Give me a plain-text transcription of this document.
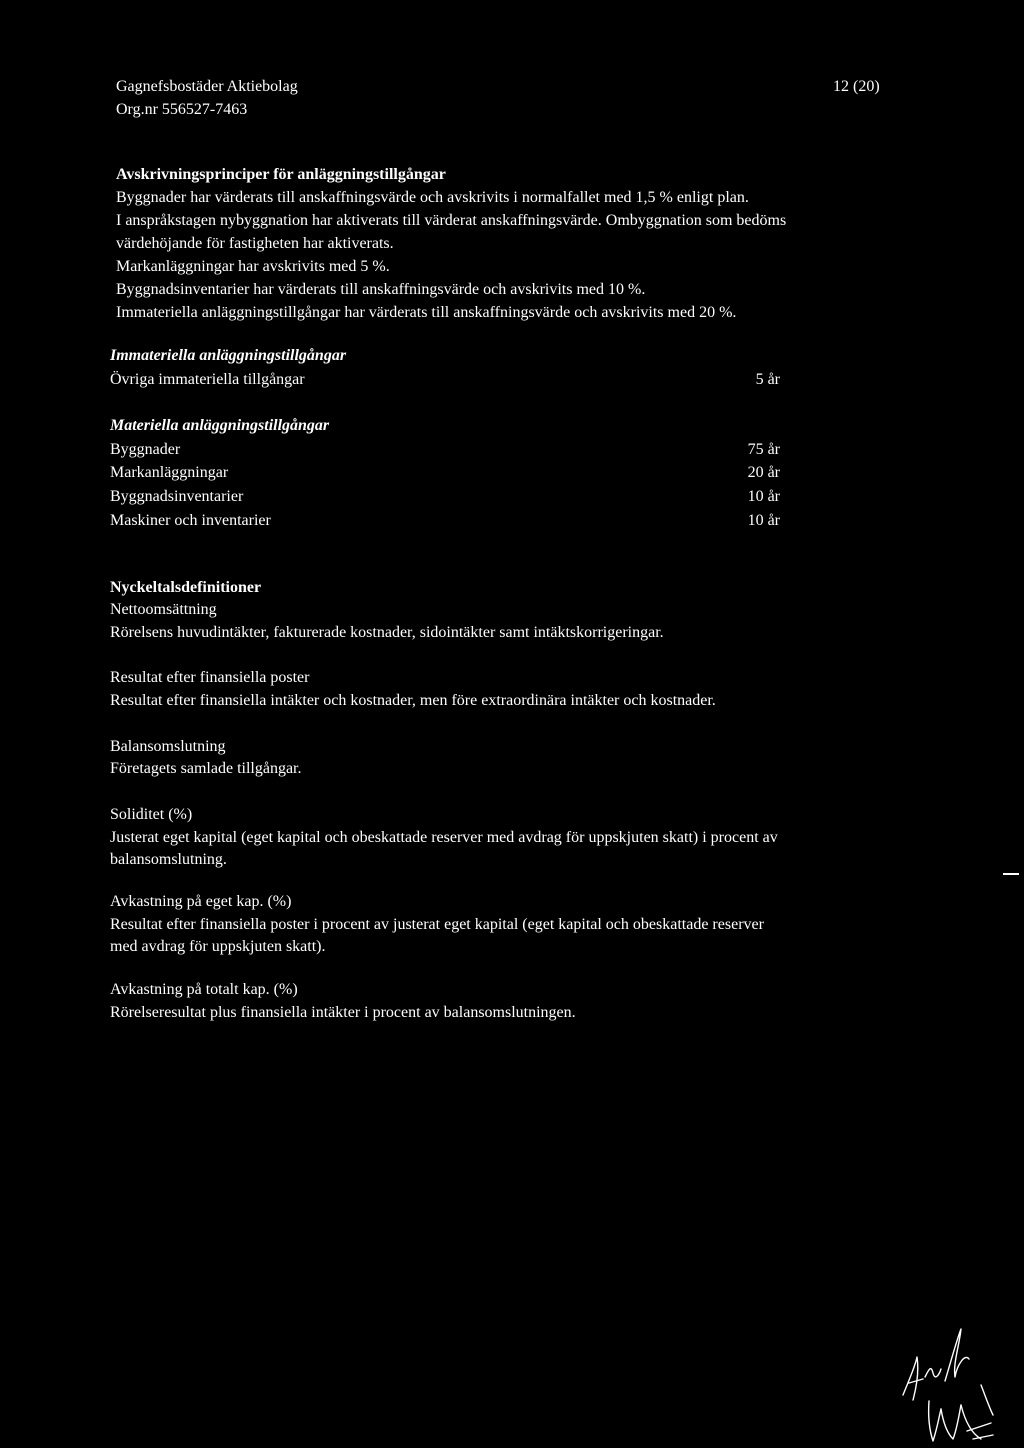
Gagnefsbostäder Aktiebolag
Org.nr 556527-7463
12 (20)
Avskrivningsprinciper för anläggningstillgångar
Byggnader har värderats till anskaffningsvärde och avskrivits i normalfallet med 1,5 % enligt plan.
I anspråkstagen nybyggnation har aktiverats till värderat anskaffningsvärde. Ombyggnation som bedöms
värdehöjande för fastigheten har aktiverats.
Markanläggningar har avskrivits med 5 %.
Byggnadsinventarier har värderats till anskaffningsvärde och avskrivits med 10 %.
Immateriella anläggningstillgångar har värderats till anskaffningsvärde och avskrivits med 20 %.
Immateriella anläggningstillgångar
Övriga immateriella tillgångar	5 år
Materiella anläggningstillgångar
Byggnader	75 år
Markanläggningar	20 år
Byggnadsinventarier	10 år
Maskiner och inventarier	10 år
Nyckeltalsdefinitioner
Nettoomsättning
Rörelsens huvudintäkter, fakturerade kostnader, sidointäkter samt intäktskorrigeringar.
Resultat efter finansiella poster
Resultat efter finansiella intäkter och kostnader, men före extraordinära intäkter och kostnader.
Balansomslutning
Företagets samlade tillgångar.
Soliditet (%)
Justerat eget kapital (eget kapital och obeskattade reserver med avdrag för uppskjuten skatt) i procent av
balansomslutning.
Avkastning på eget kap. (%)
Resultat efter finansiella poster i procent av justerat eget kapital (eget kapital och obeskattade reserver
med avdrag för uppskjuten skatt).
Avkastning på totalt kap. (%)
Rörelseresultat plus finansiella intäkter i procent av balansomslutningen.
